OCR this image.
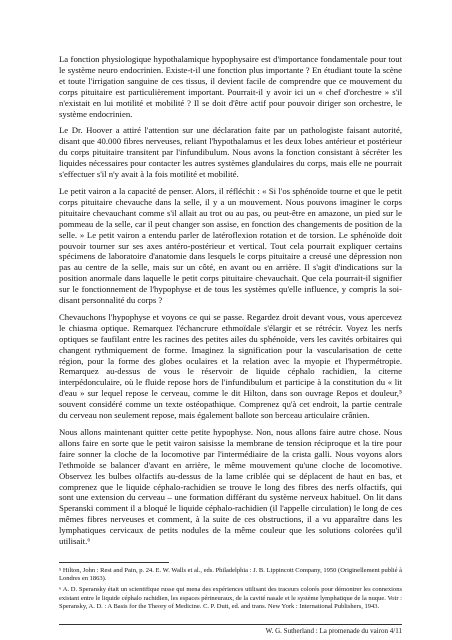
La fonction physiologique hypothalamique hypophysaire est d'importance fondamentale pour tout le système neuro endocrinien. Existe-t-il une fonction plus importante ? En étudiant toute la scène et toute l'irrigation sanguine de ces tissus, il devient facile de comprendre que ce mouvement du corps pituitaire est particulièrement important. Pourrait-il y avoir ici un « chef d'orchestre » s'il n'existait en lui motilité et mobilité ? Il se doit d'être actif pour pouvoir diriger son orchestre, le système endocrinien.

Le Dr. Hoover a attiré l'attention sur une déclaration faite par un pathologiste faisant autorité, disant que 40.000 fibres nerveuses, reliant l'hypothalamus et les deux lobes antérieur et postérieur du corps pituitaire transitent par l'infundibulum. Nous avons la fonction consistant à sécréter les liquides nécessaires pour contacter les autres systèmes glandulaires du corps, mais elle ne pourrait s'effectuer s'il n'y avait à la fois motilité et mobilité.

Le petit vairon a la capacité de penser. Alors, il réfléchit : « Si l'os sphénoïde tourne et que le petit corps pituitaire chevauche dans la selle, il y a un mouvement. Nous pouvons imaginer le corps pituitaire chevauchant comme s'il allait au trot ou au pas, ou peut-être en amazone, un pied sur le pommeau de la selle, car il peut changer son assise, en fonction des changements de position de la selle. » Le petit vairon a entendu parler de latéroflexion rotation et de torsion. Le sphénoïde doit pouvoir tourner sur ses axes antéro-postérieur et vertical. Tout cela pourrait expliquer certains spécimens de laboratoire d'anatomie dans lesquels le corps pituitaire a creusé une dépression non pas au centre de la selle, mais sur un côté, en avant ou en arrière. Il s'agit d'indications sur la position anormale dans laquelle le petit corps pituitaire chevauchait. Que cela pourrait-il signifier sur le fonctionnement de l'hypophyse et de tous les systèmes qu'elle influence, y compris la soi-disant personnalité du corps ?

Chevauchons l'hypophyse et voyons ce qui se passe. Regardez droit devant vous, vous apercevez le chiasma optique. Remarquez l'échancrure ethmoïdale s'élargir et se rétrécir. Voyez les nerfs optiques se faufilant entre les racines des petites ailes du sphénoïde, vers les cavités orbitaires qui changent rythmiquement de forme. Imaginez la signification pour la vascularisation de cette région, pour la forme des globes oculaires et la relation avec la myopie et l'hypermétropie. Remarquez au-dessus de vous le réservoir de liquide céphalo rachidien, la citerne interpédonculaire, où le fluide repose hors de l'infundibulum et participe à la constitution du « lit d'eau » sur lequel repose le cerveau, comme le dit Hilton, dans son ouvrage Repos et douleur,⁵ souvent considéré comme un texte ostéopathique. Comprenez qu'à cet endroit, la partie centrale du cerveau non seulement repose, mais également ballote son berceau articulaire crânien.

Nous allons maintenant quitter cette petite hypophyse. Non, nous allons faire autre chose. Nous allons faire en sorte que le petit vairon saisisse la membrane de tension réciproque et la tire pour faire sonner la cloche de la locomotive par l'intermédiaire de la crista galli. Nous voyons alors l'ethmoïde se balancer d'avant en arrière, le même mouvement qu'une cloche de locomotive. Observez les bulbes olfactifs au-dessus de la lame criblée qui se déplacent de haut en bas, et comprenez que le liquide céphalo-rachidien se trouve le long des fibres des nerfs olfactifs, qui sont une extension du cerveau – une formation différant du système nerveux habituel. On lit dans Speranski comment il a bloqué le liquide céphalo-rachidien (il l'appelle circulation) le long de ces mêmes fibres nerveuses et comment, à la suite de ces obstructions, il a vu apparaître dans les lymphatiques cervicaux de petits nodules de la même couleur que les solutions colorées qu'il utilisait.⁶

⁵ Hilton, John : Rest and Pain, p. 24. E. W. Walls et al., eds. Philadelphia : J. B. Lippincott Company, 1950 (Originellement publié à Londres en 1863).

⁶ A. D. Speransky était un scientifique russe qui mena des expériences utilisant des traceurs colorés pour démontrer les connexions existant entre le liquide céphalo rachidien, les espaces périneuraux, de la cavité nasale et le système lymphatique de la nuque. Voir : Speransky, A. D. : A Basis for the Theory of Medicine. C. P. Dutt, ed. and trans. New York : International Publishers, 1943.

W. G. Sutherland : La promenade du vairon 4/11
